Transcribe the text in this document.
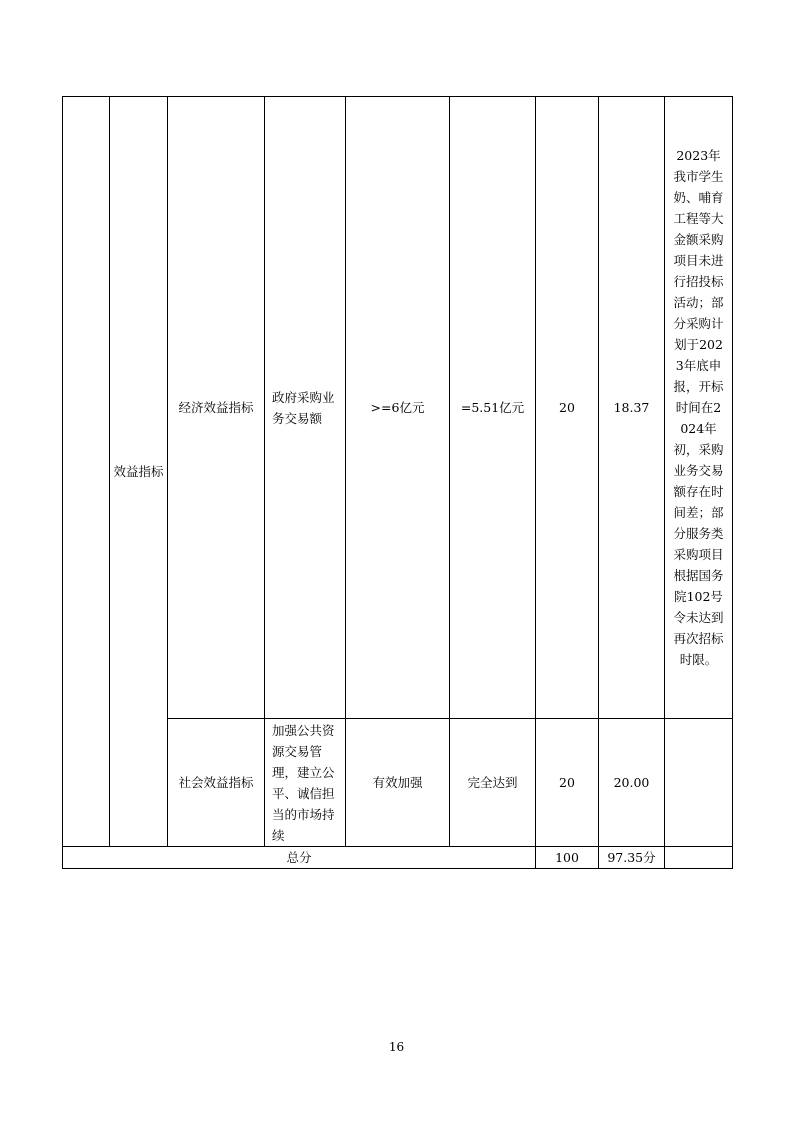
	效益指标	经济效益指标	政府采购业务交易额	>=6亿元	=5.51亿元	20	18.37	2023年我市学生奶、哺育工程等大金额采购项目未进行招投标活动；部分采购计划于2023年底申报，开标时间在2024年初，采购业务交易额存在时间差；部分服务类采购项目根据国务院102号令未达到再次招标时限。

		社会效益指标	加强公共资源交易管理，建立公平、诚信担当的市场持续	有效加强	完全达到	20	20.00	
总分						100	97.35分	
16
